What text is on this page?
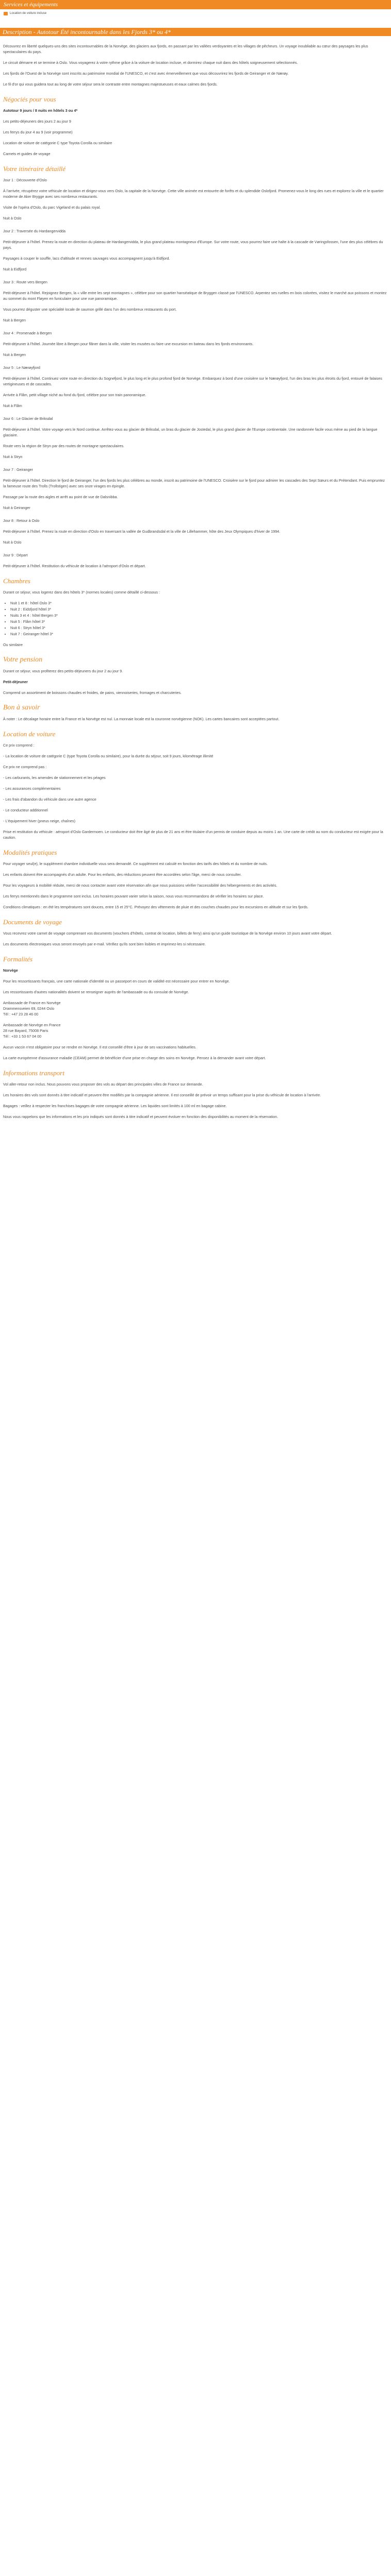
Services et équipements
Location de voiture incluse
Description - Autotour Été incontournable dans les Fjords 3* ou 4*

Découvrez en liberté quelques-uns des sites incontournables de la Norvège, des glaciers aux fjords, en passant par les vallées verdoyantes et les villages de pêcheurs. Un voyage inoubliable au cœur des paysages les plus spectaculaires du pays.

Le circuit démarre et se termine à Oslo. Vous voyagerez à votre rythme grâce à la voiture de location incluse, et dormirez chaque nuit dans des hôtels soigneusement sélectionnés.

Les fjords de l'Ouest de la Norvège sont inscrits au patrimoine mondial de l'UNESCO, et c'est avec émerveillement que vous découvrirez les fjords de Geiranger et de Nærøy.

Le fil d'or qui vous guidera tout au long de votre séjour sera le contraste entre montagnes majestueuses et eaux calmes des fjords.

Négociés pour vous

Autotour 9 jours / 8 nuits en hôtels 3 ou 4*

Les petits-déjeuners des jours 2 au jour 9

Les ferrys du jour 4 au 9 (voir programme)

Location de voiture de catégorie C type Toyota Corolla ou similaire

Carnets et guides de voyage

Votre itinéraire détaillé

Jour 1 : Découverte d'Oslo

À l'arrivée, récupérez votre véhicule de location et dirigez-vous vers Oslo, la capitale de la Norvège. Cette ville animée est entourée de forêts et du splendide Oslofjord. Promenez-vous le long des rues et explorez la ville et le quartier moderne de Aker Brygge avec ses nombreux restaurants.

Visite de l'opéra d'Oslo, du parc Vigeland et du palais royal.

Nuit à Oslo

Jour 2 : Traversée du Hardangervidda

Petit-déjeuner à l'hôtel. Prenez la route en direction du plateau de Hardangervidda, le plus grand plateau montagneux d'Europe. Sur votre route, vous pourrez faire une halte à la cascade de Vøringsfossen, l'une des plus célèbres du pays.

Paysages à couper le souffle, lacs d'altitude et rennes sauvages vous accompagnent jusqu'à Eidfjord.

Nuit à Eidfjord

Jour 3 : Route vers Bergen

Petit-déjeuner à l'hôtel. Rejoignez Bergen, la « ville entre les sept montagnes », célèbre pour son quartier hanséatique de Bryggen classé par l'UNESCO. Arpentez ses ruelles en bois colorées, visitez le marché aux poissons et montez au sommet du mont Fløyen en funiculaire pour une vue panoramique.

Vous pourrez déguster une spécialité locale de saumon grillé dans l'un des nombreux restaurants du port.

Nuit à Bergen

Jour 4 : Promenade à Bergen

Petit-déjeuner à l'hôtel. Journée libre à Bergen pour flâner dans la ville, visiter les musées ou faire une excursion en bateau dans les fjords environnants.

Nuit à Bergen

Jour 5 : Le Nærøyfjord

Petit-déjeuner à l'hôtel. Continuez votre route en direction du Sognefjord, le plus long et le plus profond fjord de Norvège. Embarquez à bord d'une croisière sur le Nærøyfjord, l'un des bras les plus étroits du fjord, entouré de falaises vertigineuses et de cascades.

Arrivée à Flåm, petit village niché au fond du fjord, célèbre pour son train panoramique.

Nuit à Flåm

Jour 6 : Le Glacier de Briksdal

Petit-déjeuner à l'hôtel. Votre voyage vers le Nord continue. Arrêtez-vous au glacier de Briksdal, un bras du glacier de Jostedal, le plus grand glacier de l'Europe continentale. Une randonnée facile vous mène au pied de la langue glaciaire.

Route vers la région de Stryn par des routes de montagne spectaculaires.

Nuit à Stryn

Jour 7 : Geiranger

Petit-déjeuner à l'hôtel. Direction le fjord de Geiranger, l'un des fjords les plus célèbres au monde, inscrit au patrimoine de l'UNESCO. Croisière sur le fjord pour admirer les cascades des Sept Sœurs et du Prétendant. Puis empruntez la fameuse route des Trolls (Trollstigen) avec ses onze virages en épingle.

Passage par la route des aigles et arrêt au point de vue de Dalsnibba.

Nuit à Geiranger

Jour 8 : Retour à Oslo

Petit-déjeuner à l'hôtel. Prenez la route en direction d'Oslo en traversant la vallée de Gudbrandsdal et la ville de Lillehammer, hôte des Jeux Olympiques d'hiver de 1994.

Nuit à Oslo

Jour 9 : Départ

Petit-déjeuner à l'hôtel. Restitution du véhicule de location à l'aéroport d'Oslo et départ.

Chambres

Durant ce séjour, vous logerez dans des hôtels 3* (normes locales) comme détaillé ci-dessous :

• Nuit 1 et 8 : hôtel Oslo 3*
• Nuit 2 : Eidsfjord hôtel 3*
• Nuits 3 et 4 : hôtel Bergen 3*
• Nuit 5 : Flåm hôtel 3*
• Nuit 6 : Stryn hôtel 3*
• Nuit 7 : Geiranger hôtel 3*

Ou similaire

Votre pension

Durant ce séjour, vous profiterez des petits-déjeuners du jour 2 au jour 9.

Petit-déjeuner

Comprend un assortiment de boissons chaudes et froides, de pains, viennoiseries, fromages et charcuteries.

Bon à savoir

À noter : Le décalage horaire entre la France et la Norvège est nul. La monnaie locale est la couronne norvégienne (NOK). Les cartes bancaires sont acceptées partout.

Location de voiture

Ce prix comprend :

- La location de voiture de catégorie C (type Toyota Corolla ou similaire), pour la durée du séjour, soit 9 jours, kilométrage illimité

Ce prix ne comprend pas :

- Les carburants, les amendes de stationnement et les péages

- Les assurances complémentaires

- Les frais d'abandon du véhicule dans une autre agence

- Le conducteur additionnel

- L'équipement hiver (pneus neige, chaînes)

Prise et restitution du véhicule : aéroport d'Oslo Gardermoen. Le conducteur doit être âgé de plus de 21 ans et être titulaire d'un permis de conduire depuis au moins 1 an. Une carte de crédit au nom du conducteur est exigée pour la caution.

Modalités pratiques

Pour voyager seul(e), le supplément chambre individuelle vous sera demandé. Ce supplément est calculé en fonction des tarifs des hôtels et du nombre de nuits.

Les enfants doivent être accompagnés d'un adulte. Pour les enfants, des réductions peuvent être accordées selon l'âge, merci de nous consulter.

Pour les voyageurs à mobilité réduite, merci de nous contacter avant votre réservation afin que nous puissions vérifier l'accessibilité des hébergements et des activités.

Les ferrys mentionnés dans le programme sont inclus. Les horaires pouvant varier selon la saison, nous vous recommandons de vérifier les horaires sur place.

Conditions climatiques : en été les températures sont douces, entre 15 et 25°C. Prévoyez des vêtements de pluie et des couches chaudes pour les excursions en altitude et sur les fjords.

Documents de voyage

Vous recevrez votre carnet de voyage comprenant vos documents (vouchers d'hôtels, contrat de location, billets de ferry) ainsi qu'un guide touristique de la Norvège environ 10 jours avant votre départ.

Les documents électroniques vous seront envoyés par e-mail. Vérifiez qu'ils sont bien lisibles et imprimez-les si nécessaire.

Formalités

Norvège

Pour les ressortissants français, une carte nationale d'identité ou un passeport en cours de validité est nécessaire pour entrer en Norvège.

Les ressortissants d'autres nationalités doivent se renseigner auprès de l'ambassade ou du consulat de Norvège.

Ambassade de France en Norvège

Drammensveien 69, 0244 Oslo

Tél : +47 23 28 46 00

Ambassade de Norvège en France

28 rue Bayard, 75008 Paris

Tél : +33 1 53 67 04 00

Aucun vaccin n'est obligatoire pour se rendre en Norvège. Il est conseillé d'être à jour de ses vaccinations habituelles.

La carte européenne d'assurance maladie (CEAM) permet de bénéficier d'une prise en charge des soins en Norvège. Pensez à la demander avant votre départ.

Informations transport

Vol aller-retour non inclus. Nous pouvons vous proposer des vols au départ des principales villes de France sur demande.

Les horaires des vols sont donnés à titre indicatif et peuvent être modifiés par la compagnie aérienne. Il est conseillé de prévoir un temps suffisant pour la prise du véhicule de location à l'arrivée.

Bagages : veillez à respecter les franchises bagages de votre compagnie aérienne. Les liquides sont limités à 100 ml en bagage cabine.

Nous vous rappelons que les informations et les prix indiqués sont donnés à titre indicatif et peuvent évoluer en fonction des disponibilités au moment de la réservation.
